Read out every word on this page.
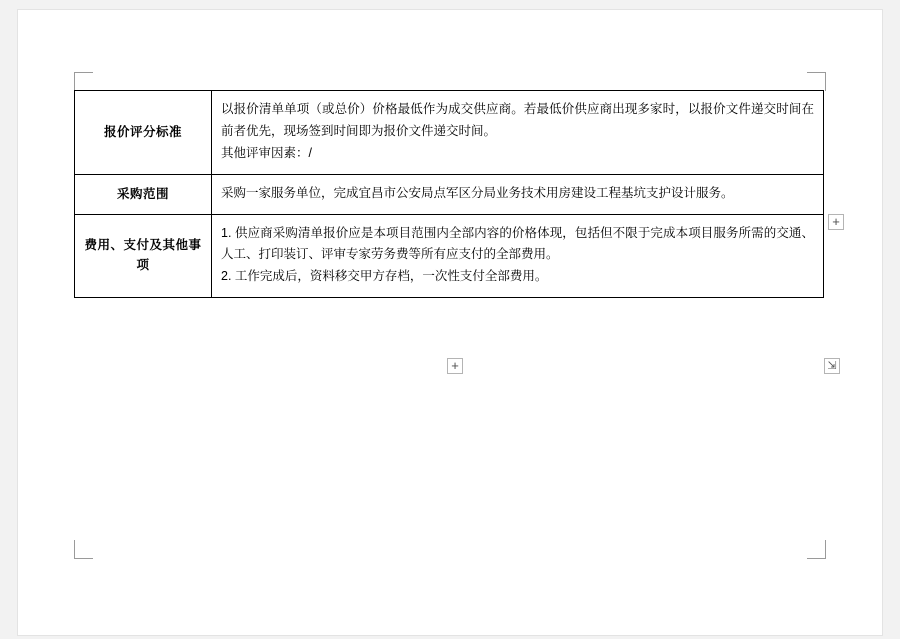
报价评分标准	以报价清单单项（或总价）价格最低作为成交供应商。若最低价供应商出现多家时，以报价文件递交时间在前者优先，现场签到时间即为报价文件递交时间。

其他评审因素：/

采购范围	采购一家服务单位，完成宜昌市公安局点军区分局业务技术用房建设工程基坑支护设计服务。

费用、支付及其他事项	1. 供应商采购清单报价应是本项目范围内全部内容的价格体现，包括但不限于完成本项目服务所需的交通、人工、打印装订、评审专家劳务费等所有应支付的全部费用。

2. 工作完成后，资料移交甲方存档，一次性支付全部费用。

+
+	⇲
